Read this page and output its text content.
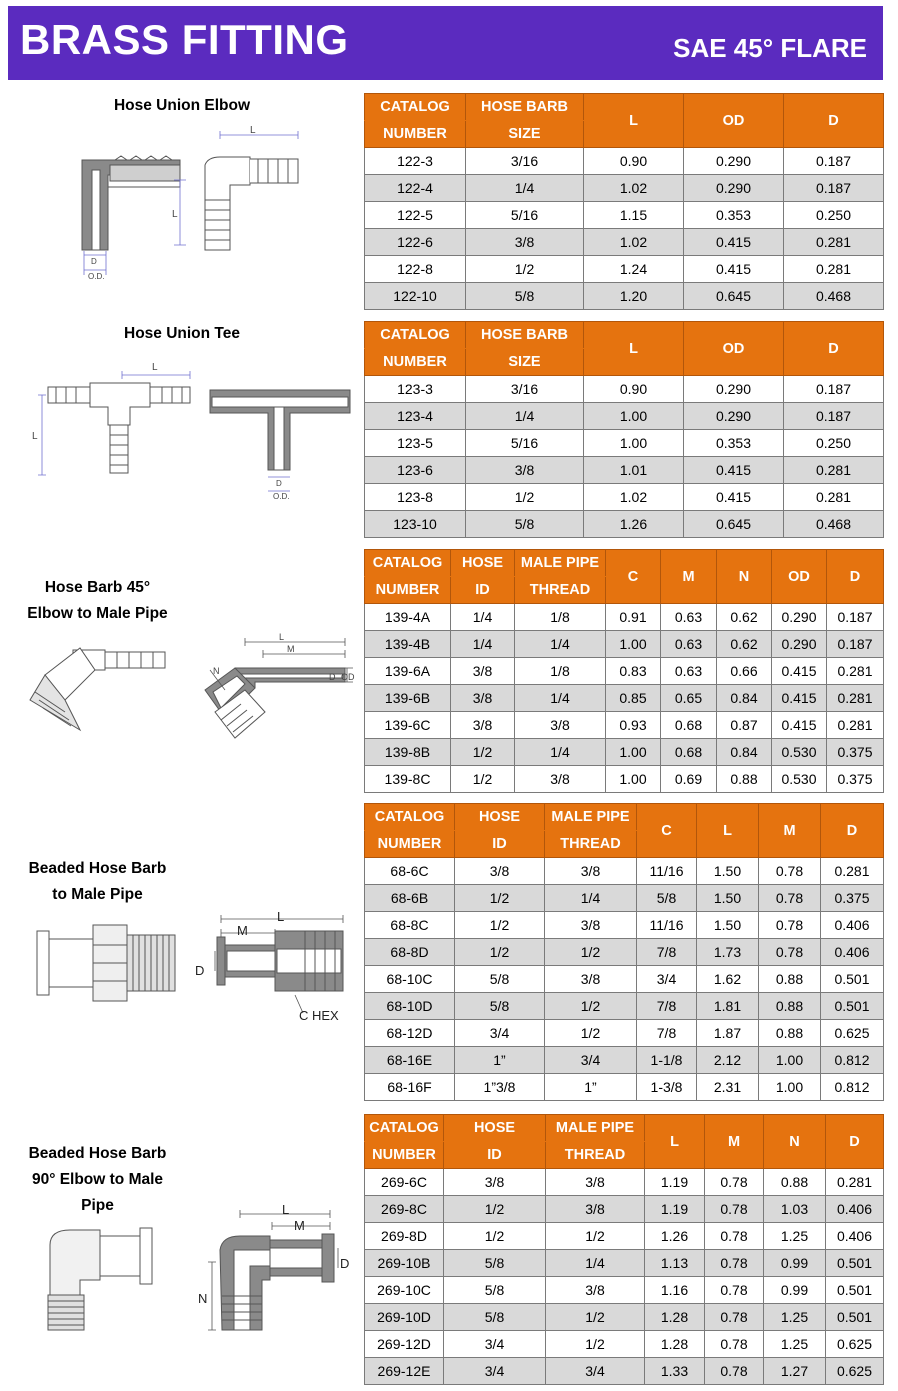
BRASS FITTING	SAE 45° FLARE
Hose Union Elbow
Hose Union Tee
Hose Barb 45°
Elbow to Male Pipe
Beaded Hose Barb
to Male Pipe
Beaded Hose Barb
90° Elbow to Male
Pipe
L
L
D
O.D.
L
L
D
O.D.
L
M
N
D OD
L
M
D
C HEX
L
M
D
N
CATALOG	HOSE BARB	L	OD	D
NUMBER	SIZE			
122-3	3/16	0.90	0.290	0.187
122-4	1/4	1.02	0.290	0.187
122-5	5/16	1.15	0.353	0.250
122-6	3/8	1.02	0.415	0.281
122-8	1/2	1.24	0.415	0.281
122-10	5/8	1.20	0.645	0.468
CATALOG	HOSE BARB	L	OD	D
NUMBER	SIZE			
123-3	3/16	0.90	0.290	0.187
123-4	1/4	1.00	0.290	0.187
123-5	5/16	1.00	0.353	0.250
123-6	3/8	1.01	0.415	0.281
123-8	1/2	1.02	0.415	0.281
123-10	5/8	1.26	0.645	0.468
CATALOG	HOSE	MALE PIPE	C	M	N	OD	D
NUMBER	ID	THREAD					
139-4A	1/4	1/8	0.91	0.63	0.62	0.290	0.187
139-4B	1/4	1/4	1.00	0.63	0.62	0.290	0.187
139-6A	3/8	1/8	0.83	0.63	0.66	0.415	0.281
139-6B	3/8	1/4	0.85	0.65	0.84	0.415	0.281
139-6C	3/8	3/8	0.93	0.68	0.87	0.415	0.281
139-8B	1/2	1/4	1.00	0.68	0.84	0.530	0.375
139-8C	1/2	3/8	1.00	0.69	0.88	0.530	0.375
CATALOG	HOSE	MALE PIPE	C	L	M	D
NUMBER	ID	THREAD				
68-6C	3/8	3/8	11/16	1.50	0.78	0.281
68-6B	1/2	1/4	5/8	1.50	0.78	0.375
68-8C	1/2	3/8	11/16	1.50	0.78	0.406
68-8D	1/2	1/2	7/8	1.73	0.78	0.406
68-10C	5/8	3/8	3/4	1.62	0.88	0.501
68-10D	5/8	1/2	7/8	1.81	0.88	0.501
68-12D	3/4	1/2	7/8	1.87	0.88	0.625
68-16E	1”	3/4	1-1/8	2.12	1.00	0.812
68-16F	1”3/8	1”	1-3/8	2.31	1.00	0.812
CATALOG	HOSE	MALE PIPE	L	M	N	D
NUMBER	ID	THREAD				
269-6C	3/8	3/8	1.19	0.78	0.88	0.281
269-8C	1/2	3/8	1.19	0.78	1.03	0.406
269-8D	1/2	1/2	1.26	0.78	1.25	0.406
269-10B	5/8	1/4	1.13	0.78	0.99	0.501
269-10C	5/8	3/8	1.16	0.78	0.99	0.501
269-10D	5/8	1/2	1.28	0.78	1.25	0.501
269-12D	3/4	1/2	1.28	0.78	1.25	0.625
269-12E	3/4	3/4	1.33	0.78	1.27	0.625
